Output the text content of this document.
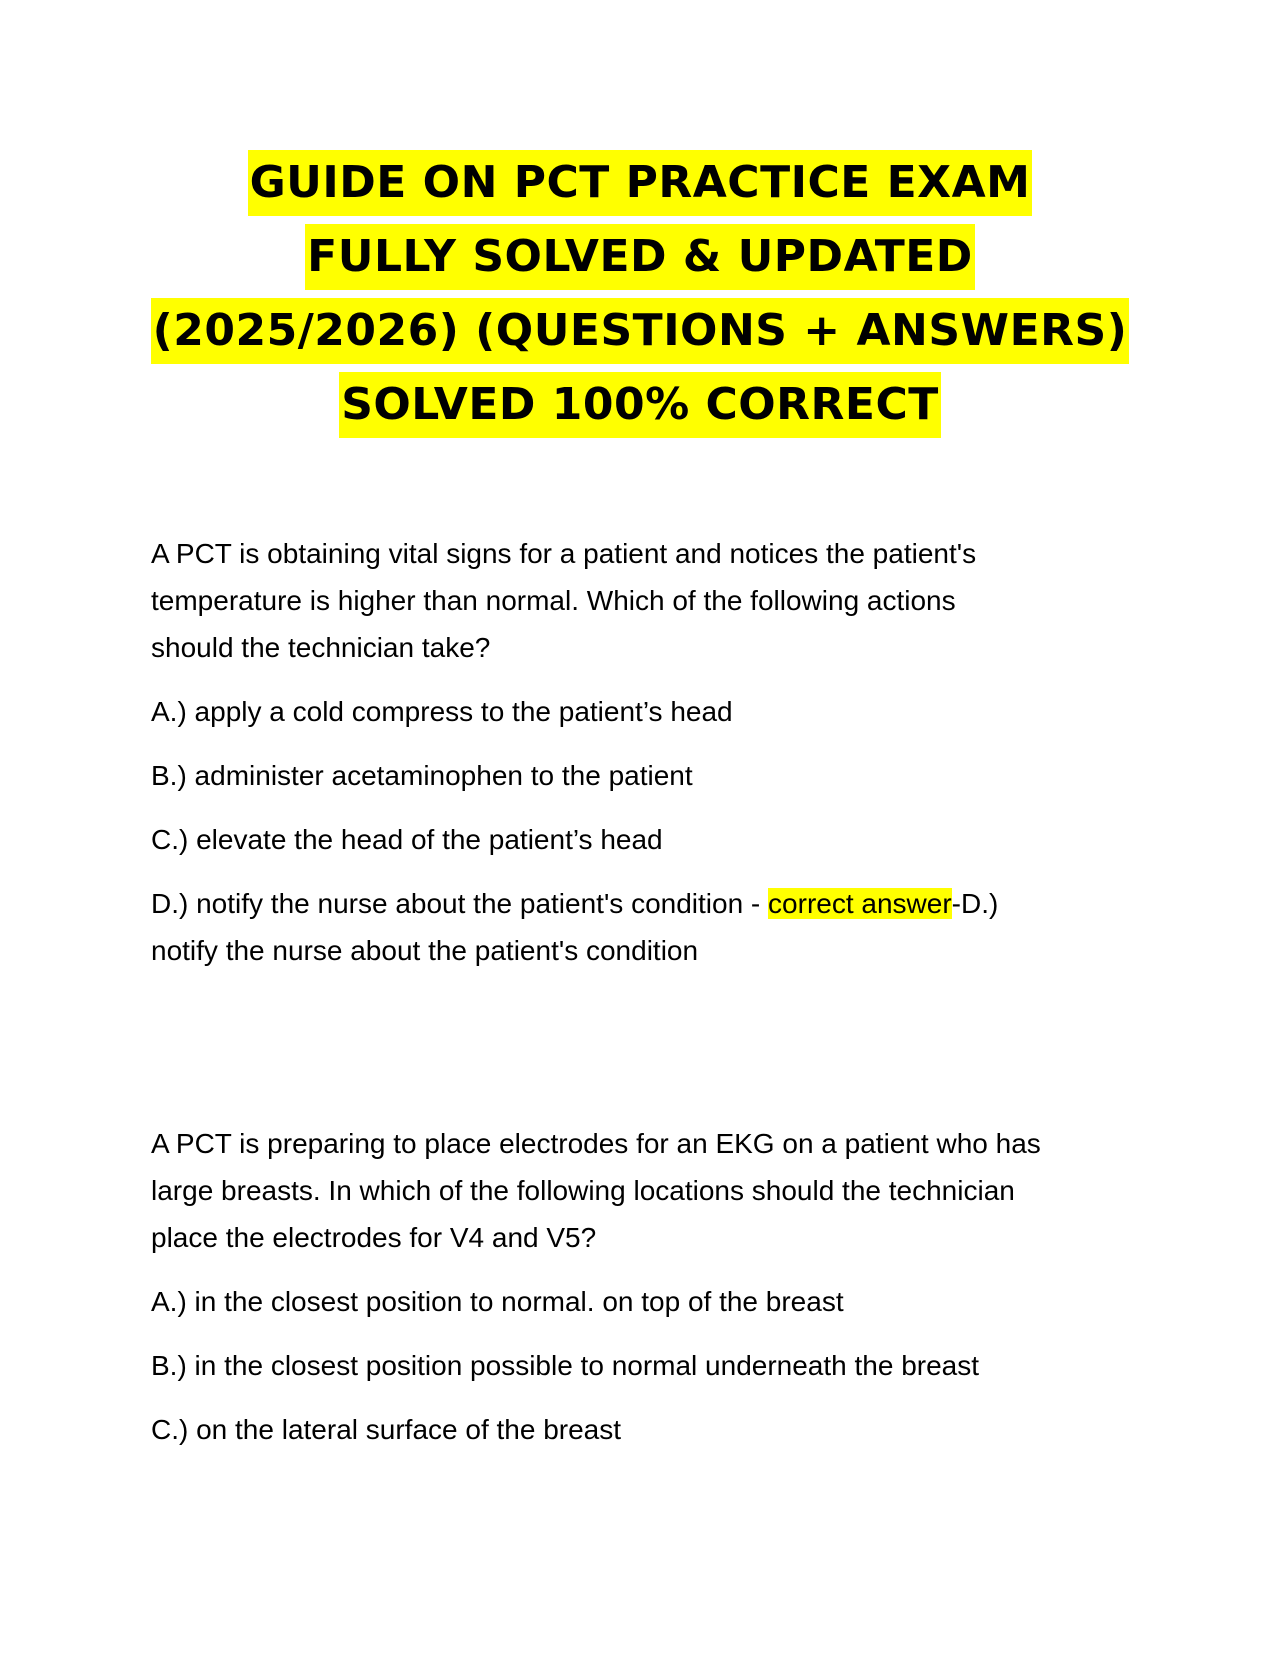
GUIDE ON PCT PRACTICE EXAM
FULLY SOLVED & UPDATED
(2025/2026) (QUESTIONS + ANSWERS)
SOLVED 100% CORRECT
A PCT is obtaining vital signs for a patient and notices the patient's
temperature is higher than normal. Which of the following actions
should the technician take?
A.) apply a cold compress to the patient’s head
B.) administer acetaminophen to the patient
C.) elevate the head of the patient’s head
D.) notify the nurse about the patient's condition - correct answer-D.)
notify the nurse about the patient's condition
A PCT is preparing to place electrodes for an EKG on a patient who has
large breasts. In which of the following locations should the technician
place the electrodes for V4 and V5?
A.) in the closest position to normal. on top of the breast
B.) in the closest position possible to normal underneath the breast
C.) on the lateral surface of the breast
